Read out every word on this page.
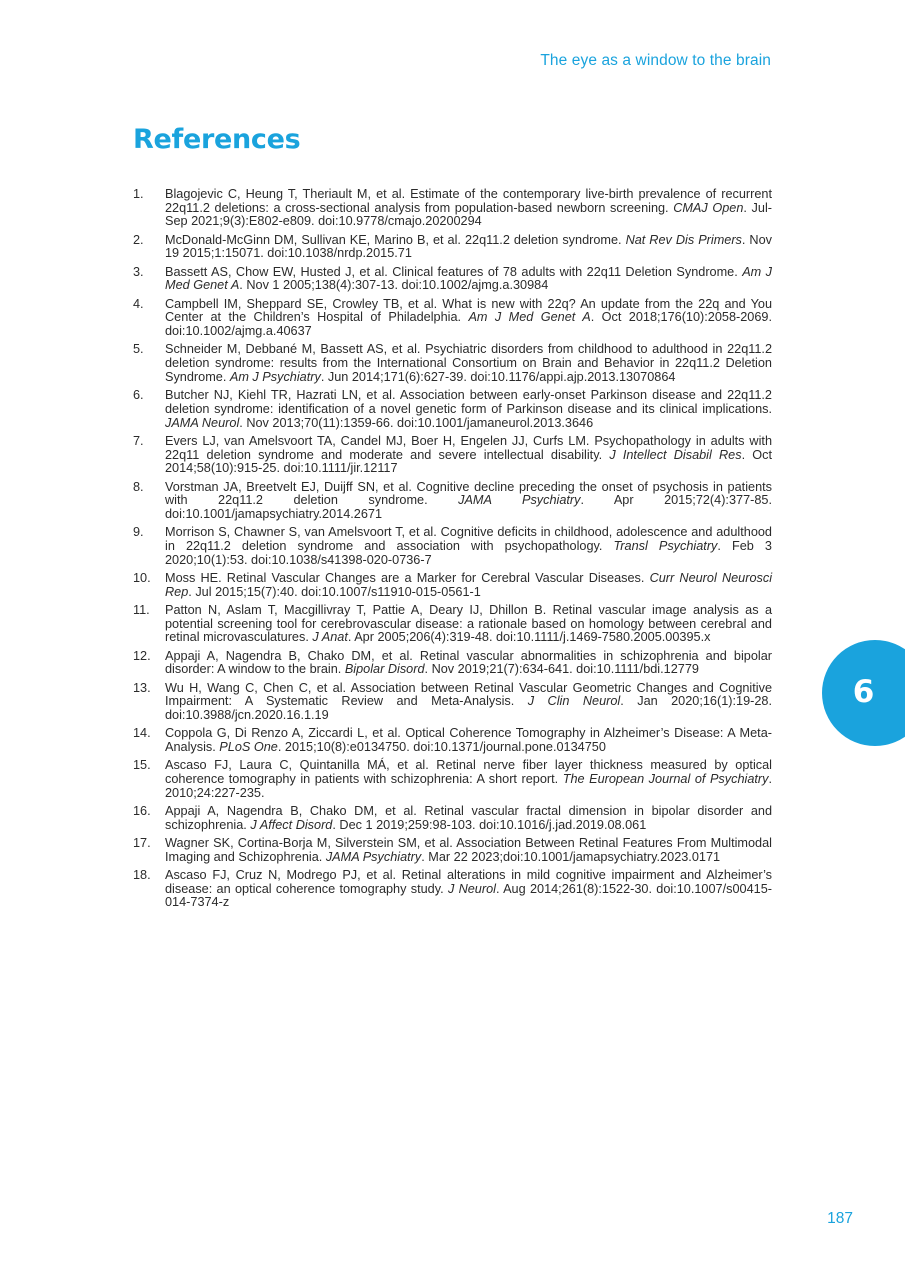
The eye as a window to the brain
References
1.	Blagojevic C, Heung T, Theriault M, et al. Estimate of the contemporary live-birth prevalence of recurrent 22q11.2 deletions: a cross-sectional analysis from population-based newborn screening. CMAJ Open. Jul-Sep 2021;9(3):E802-e809. doi:10.9778/cmajo.20200294
2.	McDonald-McGinn DM, Sullivan KE, Marino B, et al. 22q11.2 deletion syndrome. Nat Rev Dis Primers. Nov 19 2015;1:15071. doi:10.1038/nrdp.2015.71
3.	Bassett AS, Chow EW, Husted J, et al. Clinical features of 78 adults with 22q11 Deletion Syndrome. Am J Med Genet A. Nov 1 2005;138(4):307-13. doi:10.1002/ajmg.a.30984
4.	Campbell IM, Sheppard SE, Crowley TB, et al. What is new with 22q? An update from the 22q and You Center at the Children’s Hospital of Philadelphia. Am J Med Genet A. Oct 2018;176(10):2058-2069. doi:10.1002/ajmg.a.40637
5.	Schneider M, Debbané M, Bassett AS, et al. Psychiatric disorders from childhood to adulthood in 22q11.2 deletion syndrome: results from the International Consortium on Brain and Behavior in 22q11.2 Deletion Syndrome. Am J Psychiatry. Jun 2014;171(6):627-39. doi:10.1176/appi.ajp.2013.13070864
6.	Butcher NJ, Kiehl TR, Hazrati LN, et al. Association between early-onset Parkinson disease and 22q11.2 deletion syndrome: identification of a novel genetic form of Parkinson disease and its clinical implications. JAMA Neurol. Nov 2013;70(11):1359-66. doi:10.1001/jamaneurol.2013.3646
7.	Evers LJ, van Amelsvoort TA, Candel MJ, Boer H, Engelen JJ, Curfs LM. Psychopathology in adults with 22q11 deletion syndrome and moderate and severe intellectual disability. J Intellect Disabil Res. Oct 2014;58(10):915-25. doi:10.1111/jir.12117
8.	Vorstman JA, Breetvelt EJ, Duijff SN, et al. Cognitive decline preceding the onset of psychosis in patients with 22q11.2 deletion syndrome. JAMA Psychiatry. Apr 2015;72(4):377-85. doi:10.1001/jamapsychiatry.2014.2671
9.	Morrison S, Chawner S, van Amelsvoort T, et al. Cognitive deficits in childhood, adolescence and adulthood in 22q11.2 deletion syndrome and association with psychopathology. Transl Psychiatry. Feb 3 2020;10(1):53. doi:10.1038/s41398-020-0736-7
10.	Moss HE. Retinal Vascular Changes are a Marker for Cerebral Vascular Diseases. Curr Neurol Neurosci Rep. Jul 2015;15(7):40. doi:10.1007/s11910-015-0561-1
11.	Patton N, Aslam T, Macgillivray T, Pattie A, Deary IJ, Dhillon B. Retinal vascular image analysis as a potential screening tool for cerebrovascular disease: a rationale based on homology between cerebral and retinal microvasculatures. J Anat. Apr 2005;206(4):319-48. doi:10.1111/j.1469-7580.2005.00395.x
12.	Appaji A, Nagendra B, Chako DM, et al. Retinal vascular abnormalities in schizophrenia and bipolar disorder: A window to the brain. Bipolar Disord. Nov 2019;21(7):634-641. doi:10.1111/bdi.12779
13.	Wu H, Wang C, Chen C, et al. Association between Retinal Vascular Geometric Changes and Cognitive Impairment: A Systematic Review and Meta-Analysis. J Clin Neurol. Jan 2020;16(1):19-28. doi:10.3988/jcn.2020.16.1.19
14.	Coppola G, Di Renzo A, Ziccardi L, et al. Optical Coherence Tomography in Alzheimer’s Disease: A Meta-Analysis. PLoS One. 2015;10(8):e0134750. doi:10.1371/journal.pone.0134750
15.	Ascaso FJ, Laura C, Quintanilla MÁ, et al. Retinal nerve fiber layer thickness measured by optical coherence tomography in patients with schizophrenia: A short report. The European Journal of Psychiatry. 2010;24:227-235.
16.	Appaji A, Nagendra B, Chako DM, et al. Retinal vascular fractal dimension in bipolar disorder and schizophrenia. J Affect Disord. Dec 1 2019;259:98-103. doi:10.1016/j.jad.2019.08.061
17.	Wagner SK, Cortina-Borja M, Silverstein SM, et al. Association Between Retinal Features From Multimodal Imaging and Schizophrenia. JAMA Psychiatry. Mar 22 2023;doi:10.1001/jamapsychiatry.2023.0171
18.	Ascaso FJ, Cruz N, Modrego PJ, et al. Retinal alterations in mild cognitive impairment and Alzheimer’s disease: an optical coherence tomography study. J Neurol. Aug 2014;261(8):1522-30. doi:10.1007/s00415-014-7374-z
6
187
